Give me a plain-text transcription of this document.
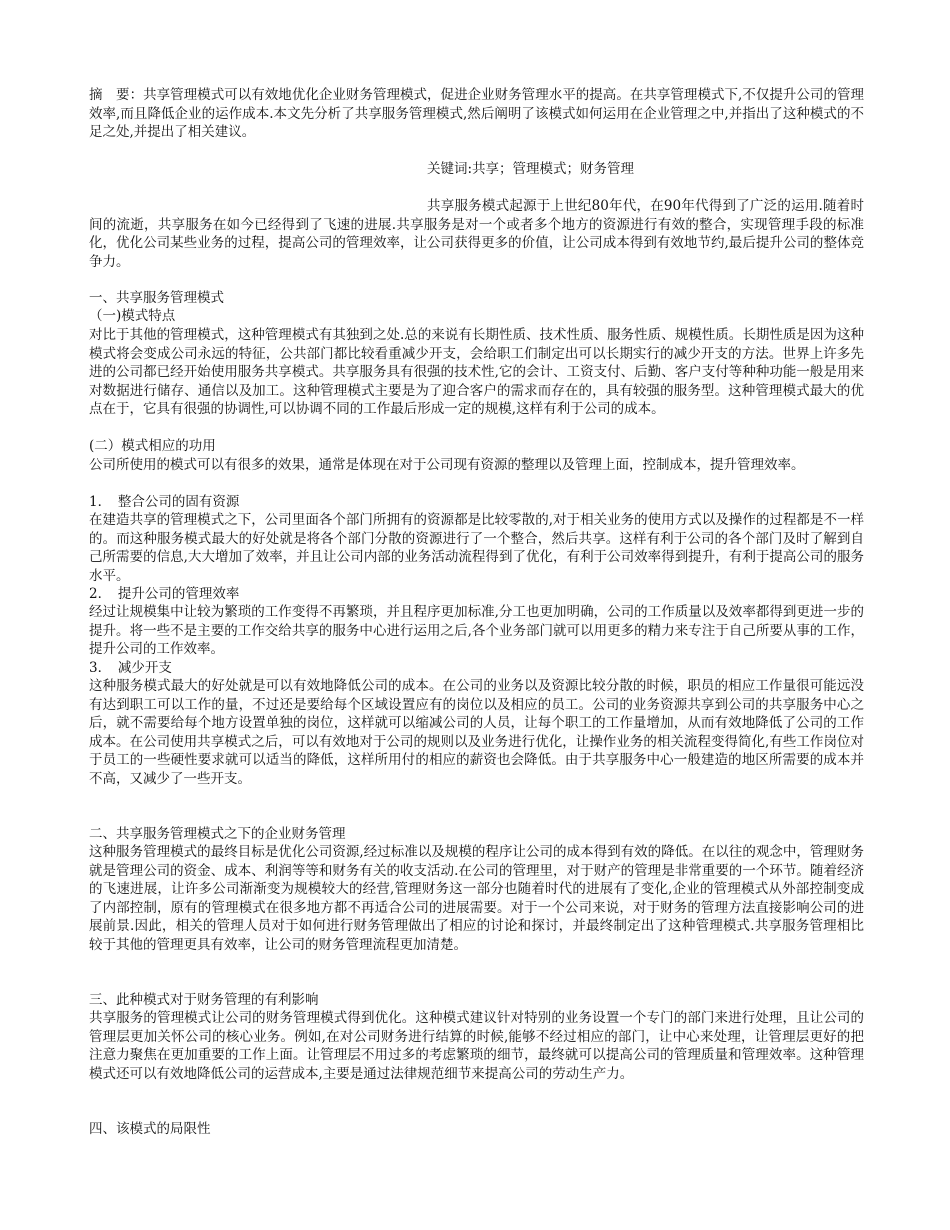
摘　要：共享管理模式可以有效地优化企业财务管理模式，促进企业财务管理水平的提高。在共享管理模式下,不仅提升公司的管理效率,而且降低企业的运作成本.本文先分析了共享服务管理模式,然后阐明了该模式如何运用在企业管理之中,并指出了这种模式的不足之处,并提出了相关建议。

关键词:共享；管理模式；财务管理

共享服务模式起源于上世纪80年代，在90年代得到了广泛的运用.随着时间的流逝，共享服务在如今已经得到了飞速的进展.共享服务是对一个或者多个地方的资源进行有效的整合，实现管理手段的标准化，优化公司某些业务的过程，提高公司的管理效率，让公司获得更多的价值，让公司成本得到有效地节约,最后提升公司的整体竞争力。

一、共享服务管理模式

（一)模式特点

对比于其他的管理模式，这种管理模式有其独到之处.总的来说有长期性质、技术性质、服务性质、规模性质。长期性质是因为这种模式将会变成公司永远的特征，公共部门都比较看重减少开支，会给职工们制定出可以长期实行的减少开支的方法。世界上许多先进的公司都已经开始使用服务共享模式。共享服务具有很强的技术性,它的会计、工资支付、后勤、客户支付等种种功能一般是用来对数据进行储存、通信以及加工。这种管理模式主要是为了迎合客户的需求而存在的，具有较强的服务型。这种管理模式最大的优点在于，它具有很强的协调性,可以协调不同的工作最后形成一定的规模,这样有利于公司的成本。

(二）模式相应的功用

公司所使用的模式可以有很多的效果，通常是体现在对于公司现有资源的整理以及管理上面，控制成本，提升管理效率。

1．　整合公司的固有资源

在建造共享的管理模式之下，公司里面各个部门所拥有的资源都是比较零散的,对于相关业务的使用方式以及操作的过程都是不一样的。而这种服务模式最大的好处就是将各个部门分散的资源进行了一个整合，然后共享。这样有利于公司的各个部门及时了解到自己所需要的信息,大大增加了效率，并且让公司内部的业务活动流程得到了优化，有利于公司效率得到提升，有利于提高公司的服务水平。

2．　提升公司的管理效率

经过让规模集中让较为繁琐的工作变得不再繁琐，并且程序更加标准,分工也更加明确，公司的工作质量以及效率都得到更进一步的提升。将一些不是主要的工作交给共享的服务中心进行运用之后,各个业务部门就可以用更多的精力来专注于自己所要从事的工作，提升公司的工作效率。

3．　减少开支

这种服务模式最大的好处就是可以有效地降低公司的成本。在公司的业务以及资源比较分散的时候，职员的相应工作量很可能远没有达到职工可以工作的量，不过还是要给每个区域设置应有的岗位以及相应的员工。公司的业务资源共享到公司的共享服务中心之后，就不需要给每个地方设置单独的岗位，这样就可以缩减公司的人员，让每个职工的工作量增加，从而有效地降低了公司的工作成本。在公司使用共享模式之后，可以有效地对于公司的规则以及业务进行优化，让操作业务的相关流程变得简化,有些工作岗位对于员工的一些硬性要求就可以适当的降低，这样所用付的相应的薪资也会降低。由于共享服务中心一般建造的地区所需要的成本并不高，又减少了一些开支。

二、共享服务管理模式之下的企业财务管理

这种服务管理模式的最终目标是优化公司资源,经过标准以及规模的程序让公司的成本得到有效的降低。在以往的观念中，管理财务就是管理公司的资金、成本、利润等等和财务有关的收支活动.在公司的管理里，对于财产的管理是非常重要的一个环节。随着经济的飞速进展，让许多公司渐渐变为规模较大的经营,管理财务这一部分也随着时代的进展有了变化,企业的管理模式从外部控制变成了内部控制，原有的管理模式在很多地方都不再适合公司的进展需要。对于一个公司来说，对于财务的管理方法直接影响公司的进展前景.因此，相关的管理人员对于如何进行财务管理做出了相应的讨论和探讨，并最终制定出了这种管理模式.共享服务管理相比较于其他的管理更具有效率，让公司的财务管理流程更加清楚。

三、此种模式对于财务管理的有利影响

共享服务的管理模式让公司的财务管理模式得到优化。这种模式建议针对特别的业务设置一个专门的部门来进行处理，且让公司的管理层更加关怀公司的核心业务。例如,在对公司财务进行结算的时候,能够不经过相应的部门，让中心来处理，让管理层更好的把注意力聚焦在更加重要的工作上面。让管理层不用过多的考虑繁琐的细节，最终就可以提高公司的管理质量和管理效率。这种管理模式还可以有效地降低公司的运营成本,主要是通过法律规范细节来提高公司的劳动生产力。

四、该模式的局限性
